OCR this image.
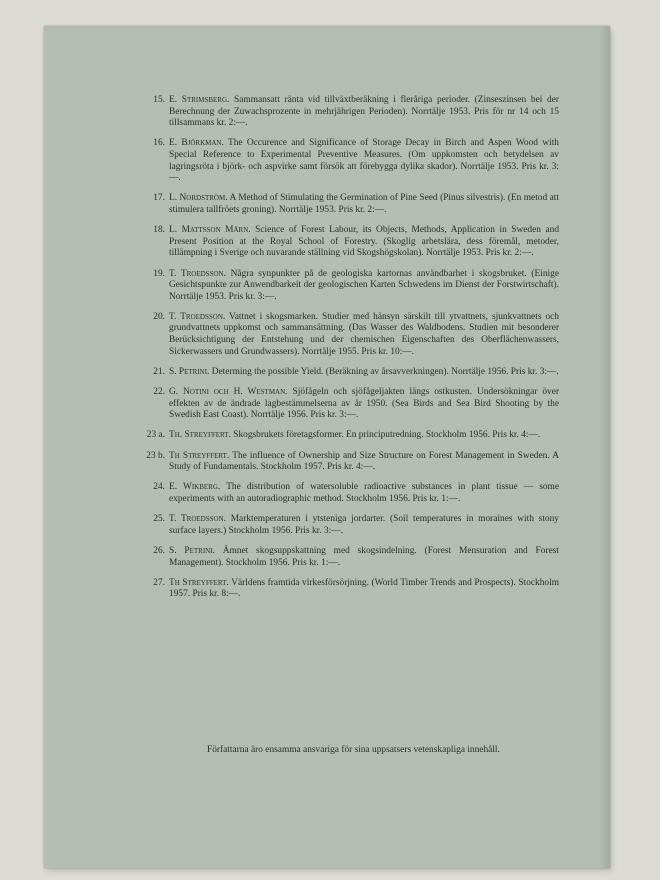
15. E. Strimsberg. Sammansatt ränta vid tillväxtberäkning i fleråriga perioder. (Zinseszinsen bei der Berechnung der Zuwachsprozente in mehrjährigen Perioden). Norrtälje 1953. Pris för nr 14 och 15 tillsammans kr. 2:—.
16. E. Björkman. The Occurence and Significance of Storage Decay in Birch and Aspen Wood with Special Reference to Experimental Preventive Measures. (Om uppkomsten och betydelsen av lagringsröta i björk- och aspvirke samt försök att förebygga dylika skador). Norrtälje 1953. Pris kr. 3:—.
17. L. Nordström. A Method of Stimulating the Germination of Pine Seed (Pinus silvestris). (En metod att stimulera tallfröets groning). Norrtälje 1953. Pris kr. 2:—.
18. L. Mattsson Mårn. Science of Forest Labour, its Objects, Methods, Application in Sweden and Present Position at the Royal School of Forestry. (Skoglig arbetslära, dess föremål, metoder, tillämpning i Sverige och nuvarande ställning vid Skogshögskolan). Norrtälje 1953. Pris kr. 2:—.
19. T. Troedsson. Några synpunkter på de geologiska kartornas användbarhet i skogsbruket. (Einige Gesichtspunkte zur Anwendbarkeit der geologischen Karten Schwedens im Dienst der Forstwirtschaft). Norrtälje 1953. Pris kr. 3:—.
20. T. Troedsson. Vattnet i skogsmarken. Studier med hänsyn särskilt till ytvattnets, sjunkvattnets och grundvattnets uppkomst och sammansättning. (Das Wasser des Waldbodens. Studien mit besonderer Berücksichtigung der Entstehung und der chemischen Eigenschaften des Oberflächenwassers, Sickerwassers und Grundwassers). Norrtälje 1955. Pris kr. 10:—.
21. S. Petrini. Determing the possible Yield. (Beräkning av årsavverkningen). Norrtälje 1956. Pris kr. 3:—.
22. G. Notini och H. Westman. Sjöfågeln och sjöfågeljakten längs ostkusten. Undersökningar över effekten av de ändrade lagbestämmelserna av år 1950. (Sea Birds and Sea Bird Shooting by the Swedish East Coast). Norrtälje 1956. Pris kr. 3:—.
23 a. Th. Streyffert. Skogsbrukets företagsformer. En principutredning. Stockholm 1956. Pris kr. 4:—.
23 b. Th Streyffert. The influence of Ownership and Size Structure on Forest Management in Sweden. A Study of Fundamentals. Stockholm 1957. Pris kr. 4:—.
24. E. Wikberg. The distribution of watersoluble radioactive substances in plant tissue — some experiments with an autoradiographic method. Stockholm 1956. Pris kr. 1:—.
25. T. Troedsson. Marktemperaturen i ytsteniga jordarter. (Soil temperatures in moraines with stony surface layers.) Stockholm 1956. Pris kr. 3:—.
26. S. Petrini. Ämnet skogsuppskattning med skogsindelning. (Forest Mensuration and Forest Management). Stockholm 1956. Pris kr. 1:—.
27. Th Streyffert. Världens framtida virkesförsörjning. (World Timber Trends and Prospects). Stockholm 1957. Pris kr. 8:—.
Författarna äro ensamma ansvariga för sina uppsatsers vetenskapliga innehåll.
